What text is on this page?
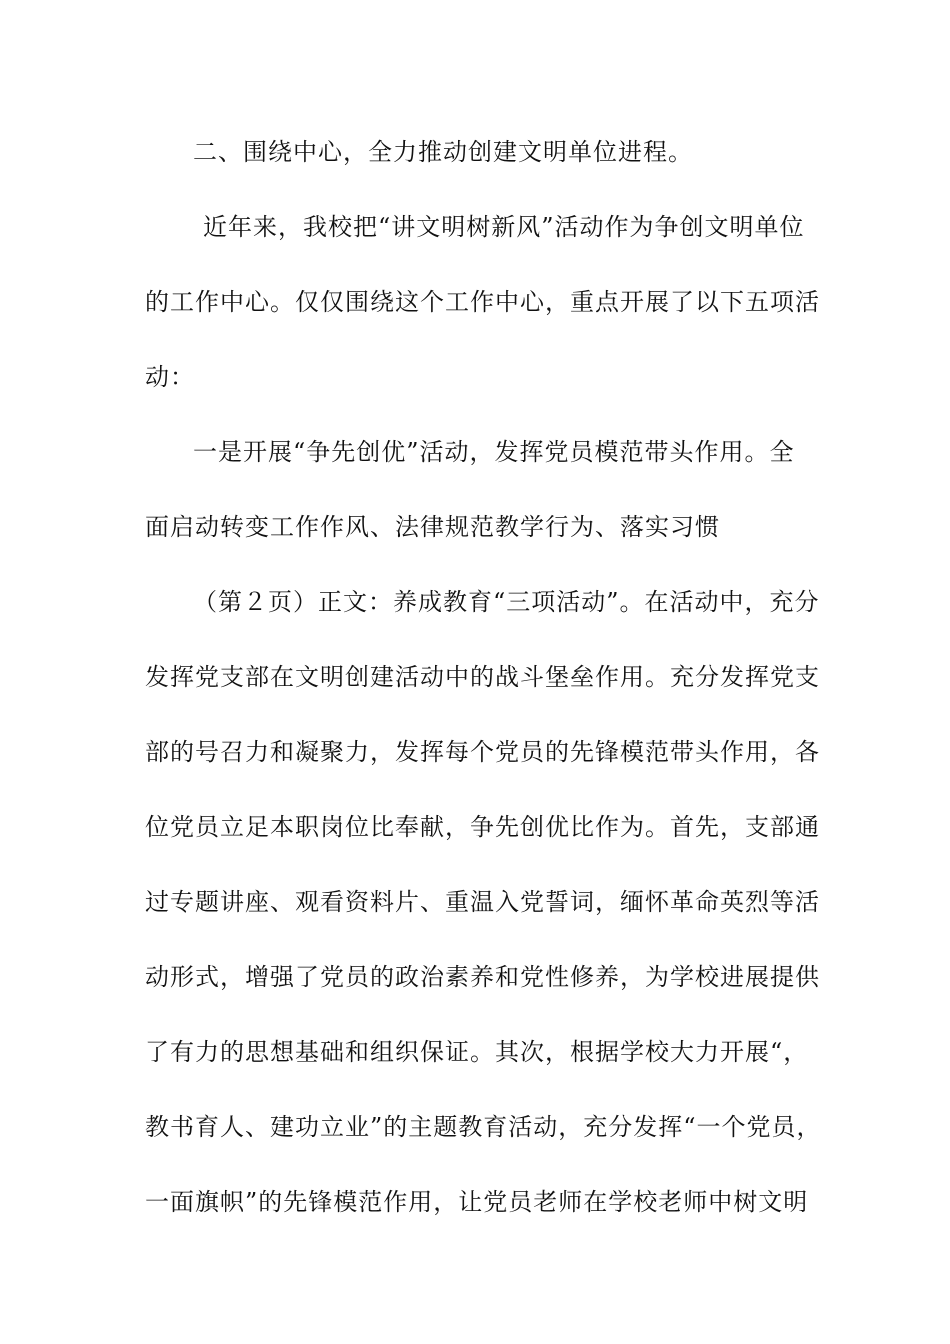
二、围绕中心，全力推动创建文明单位进程。
近年来，我校把“讲文明树新风”活动作为争创文明单位
的工作中心。仅仅围绕这个工作中心，重点开展了以下五项活
动：
一是开展“争先创优”活动，发挥党员模范带头作用。全
面启动转变工作作风、法律规范教学行为、落实习惯
（第２页）正文：养成教育“三项活动”。在活动中，充分
发挥党支部在文明创建活动中的战斗堡垒作用。充分发挥党支
部的号召力和凝聚力，发挥每个党员的先锋模范带头作用，各
位党员立足本职岗位比奉献，争先创优比作为。首先，支部通
过专题讲座、观看资料片、重温入党誓词，缅怀革命英烈等活
动形式，增强了党员的政治素养和党性修养，为学校进展提供
了有力的思想基础和组织保证。其次，根据学校大力开展“，
教书育人、建功立业”的主题教育活动，充分发挥“一个党员，
一面旗帜”的先锋模范作用，让党员老师在学校老师中树文明
